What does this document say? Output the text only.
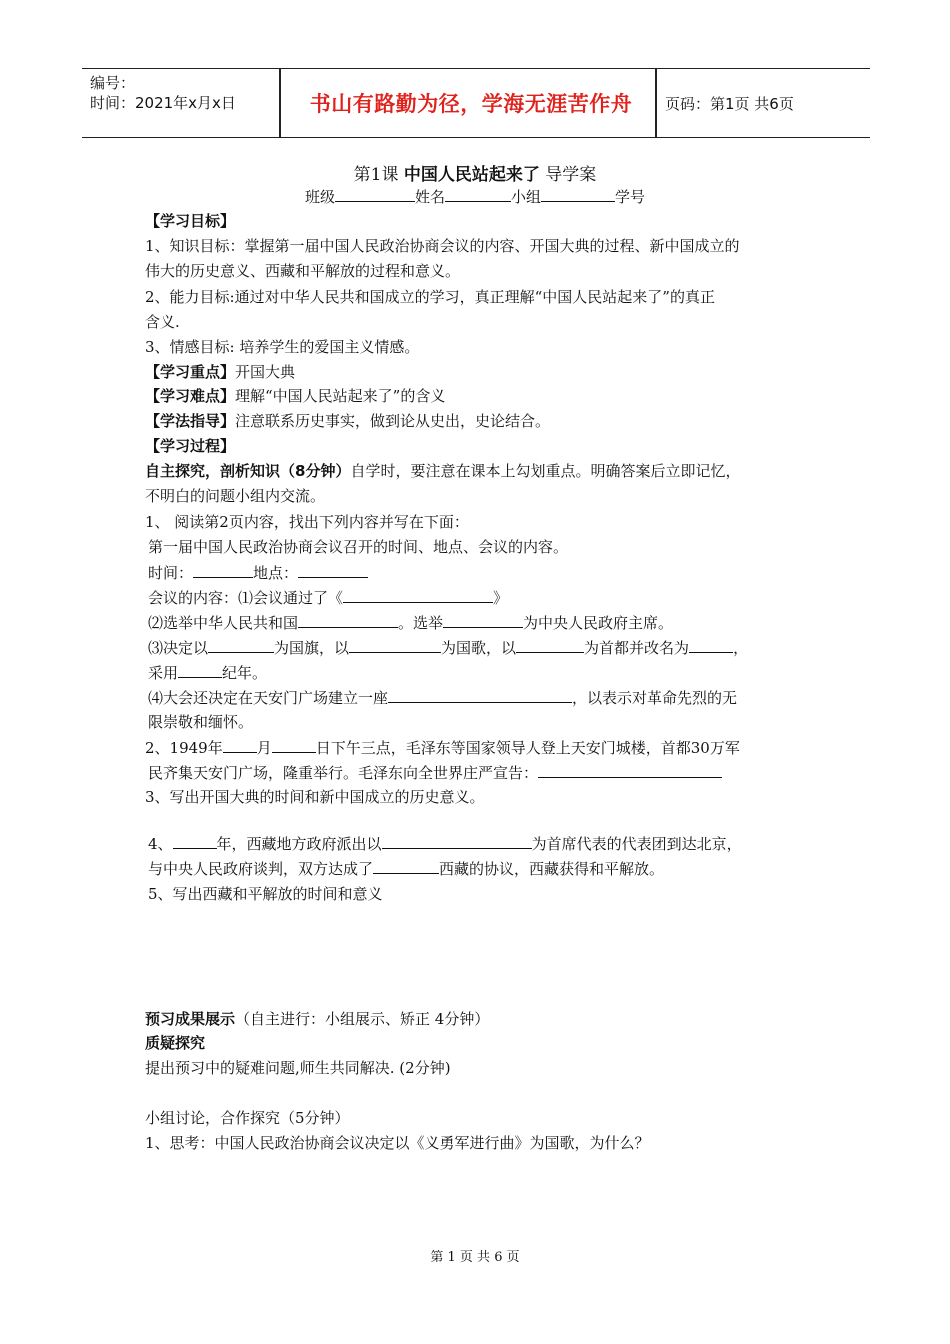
编号：
时间：2021年x月x日	书山有路勤为径，学海无涯苦作舟	页码：第1页 共6页
第1课 中国人民站起来了 导学案
班级	姓名	小组	学号
【学习目标】
1、知识目标：掌握第一届中国人民政治协商会议的内容、开国大典的过程、新中国成立的
伟大的历史意义、西藏和平解放的过程和意义。
2、能力目标:通过对中华人民共和国成立的学习，真正理解“中国人民站起来了”的真正
含义.
3、情感目标: 培养学生的爱国主义情感。
【学习重点】开国大典
【学习难点】理解“中国人民站起来了”的含义
【学法指导】注意联系历史事实，做到论从史出，史论结合。
【学习过程】
自主探究，剖析知识（8分钟）自学时，要注意在课本上勾划重点。明确答案后立即记忆，
不明白的问题小组内交流。
1、 阅读第2页内容，找出下列内容并写在下面：
第一届中国人民政治协商会议召开的时间、地点、会议的内容。
时间：	地点：
会议的内容：⑴会议通过了《	》
⑵选举中华人民共和国	。选举	为中央人民政府主席。
⑶决定以	为国旗，以	为国歌，以	为首都并改名为	，
采用	纪年。
⑷大会还决定在天安门广场建立一座	，以表示对革命先烈的无
限崇敬和缅怀。
2、1949年 月	日下午三点，毛泽东等国家领导人登上天安门城楼，首都30万军
民齐集天安门广场，隆重举行。毛泽东向全世界庄严宣告：
3、写出开国大典的时间和新中国成立的历史意义。
4、	年，西藏地方政府派出以	为首席代表的代表团到达北京，
与中央人民政府谈判，双方达成了	西藏的协议，西藏获得和平解放。
5、写出西藏和平解放的时间和意义
预习成果展示（自主进行：小组展示、矫正 4分钟）
质疑探究
提出预习中的疑难问题,师生共同解决. (2分钟)
小组讨论，合作探究（5分钟）
1、思考：中国人民政治协商会议决定以《义勇军进行曲》为国歌，为什么？
第 1 页 共 6 页
